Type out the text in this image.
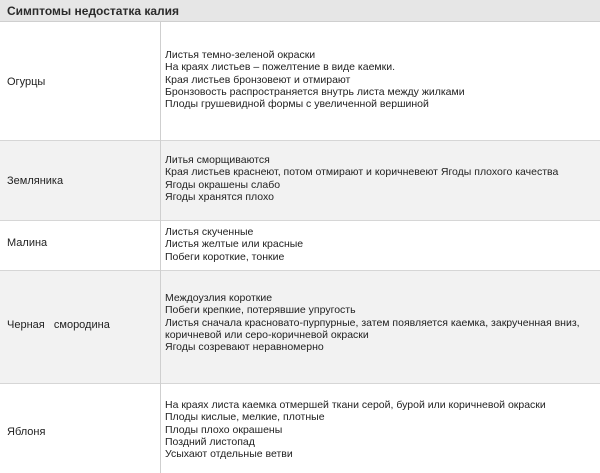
Симптомы недостатка калия
Огурцы
Листья темно-зеленой окраски
На краях листьев – пожелтение в виде каемки.
Края листьев бронзовеют и отмирают
Бронзовость распространяется внутрь листа между жилками
Плоды грушевидной формы с увеличенной вершиной
Земляника
Литья сморщиваются
Края листьев краснеют, потом отмирают и коричневеют Ягоды плохого качества
Ягоды окрашены слабо
Ягоды хранятся плохо
Малина
Листья скученные
Листья желтые или красные
Побеги короткие, тонкие
Черная   смородина
Междоузлия короткие
Побеги крепкие, потерявшие упругость
Листья сначала красновато-пурпурные, затем появляется каемка, закрученная вниз,
коричневой или серо-коричневой окраски
Ягоды созревают неравномерно
Яблоня
На краях листа каемка отмершей ткани серой, бурой или коричневой окраски
Плоды кислые, мелкие, плотные
Плоды плохо окрашены
Поздний листопад
Усыхают отдельные ветви
